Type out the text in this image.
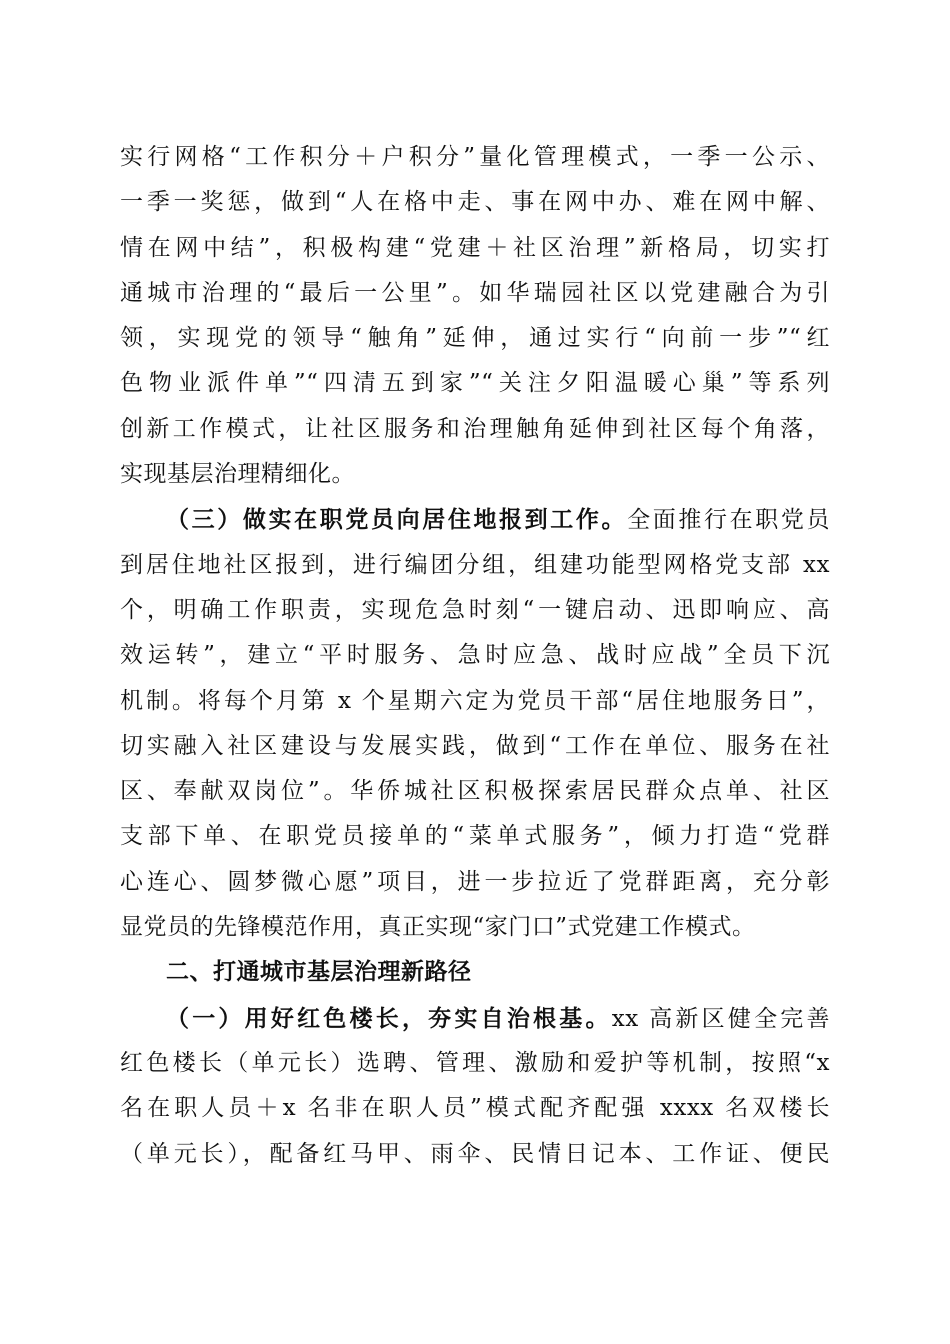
实行网格“工作积分＋户积分”量化管理模式，一季一公示、
一季一奖惩，做到“人在格中走、事在网中办、难在网中解、
情在网中结”，积极构建“党建＋社区治理”新格局，切实打
通城市治理的“最后一公里”。如华瑞园社区以党建融合为引
领，实现党的领导“触角”延伸，通过实行“向前一步”“红
色物业派件单”“四清五到家”“关注夕阳温暖心巢”等系列
创新工作模式，让社区服务和治理触角延伸到社区每个角落，
实现基层治理精细化。
（三）做实在职党员向居住地报到工作。全面推行在职党员
到居住地社区报到，进行编团分组，组建功能型网格党支部 xx
个，明确工作职责，实现危急时刻“一键启动、迅即响应、高
效运转”，建立“平时服务、急时应急、战时应战”全员下沉
机制。将每个月第 x 个星期六定为党员干部“居住地服务日”，
切实融入社区建设与发展实践，做到“工作在单位、服务在社
区、奉献双岗位”。华侨城社区积极探索居民群众点单、社区
支部下单、在职党员接单的“菜单式服务”，倾力打造“党群
心连心、圆梦微心愿”项目，进一步拉近了党群距离，充分彰
显党员的先锋模范作用，真正实现“家门口”式党建工作模式。
二、打通城市基层治理新路径
（一）用好红色楼长，夯实自治根基。xx 高新区健全完善
红色楼长（单元长）选聘、管理、激励和爱护等机制，按照“x
名在职人员＋x 名非在职人员”模式配齐配强 xxxx 名双楼长
（单元长），配备红马甲、雨伞、民情日记本、工作证、便民
